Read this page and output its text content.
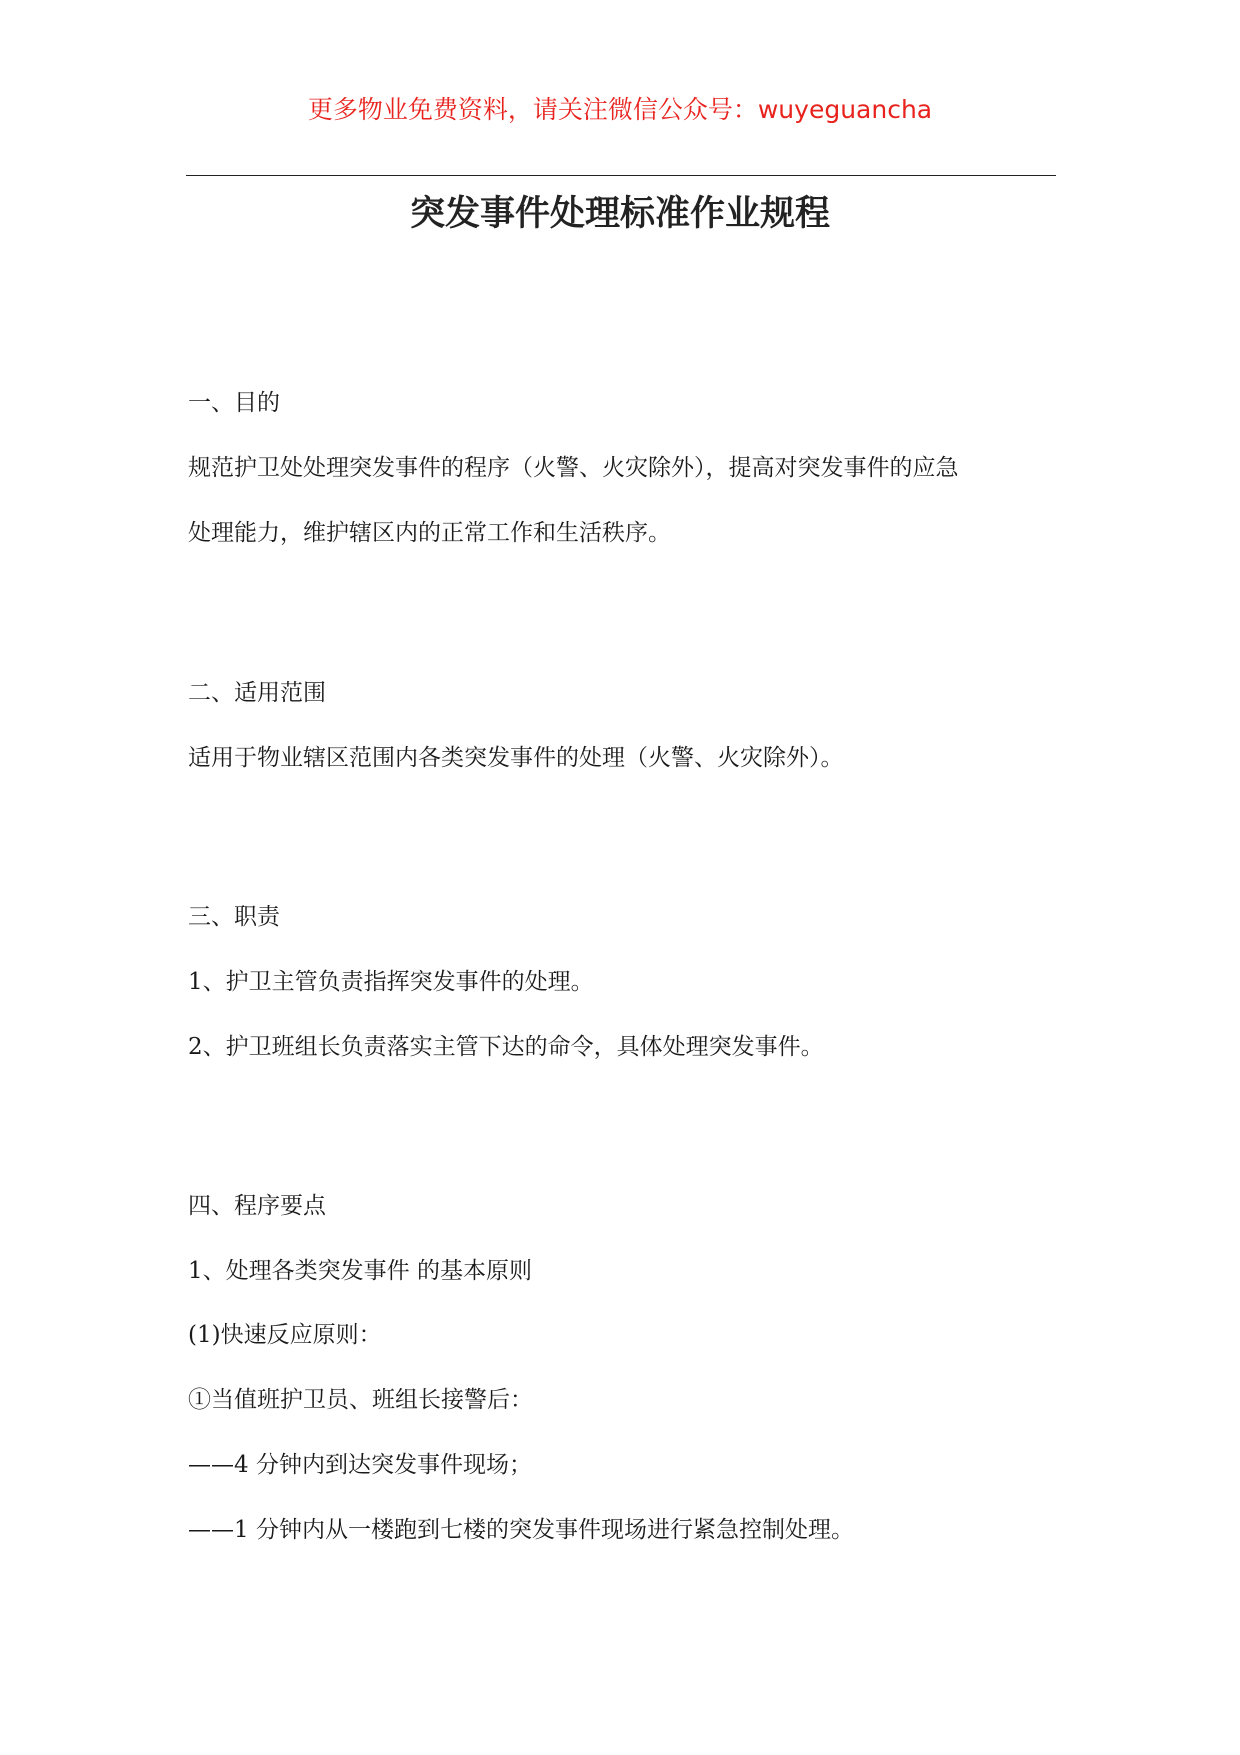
更多物业免费资料，请关注微信公众号：wuyeguancha
突发事件处理标准作业规程
一、目的
规范护卫处处理突发事件的程序（火警、火灾除外），提高对突发事件的应急
处理能力，维护辖区内的正常工作和生活秩序。
二、适用范围
适用于物业辖区范围内各类突发事件的处理（火警、火灾除外）。
三、职责
1、护卫主管负责指挥突发事件的处理。
2、护卫班组长负责落实主管下达的命令，具体处理突发事件。
四、程序要点
1、处理各类突发事件 的基本原则
(1)快速反应原则：
①当值班护卫员、班组长接警后：
——4 分钟内到达突发事件现场；
——1 分钟内从一楼跑到七楼的突发事件现场进行紧急控制处理。
